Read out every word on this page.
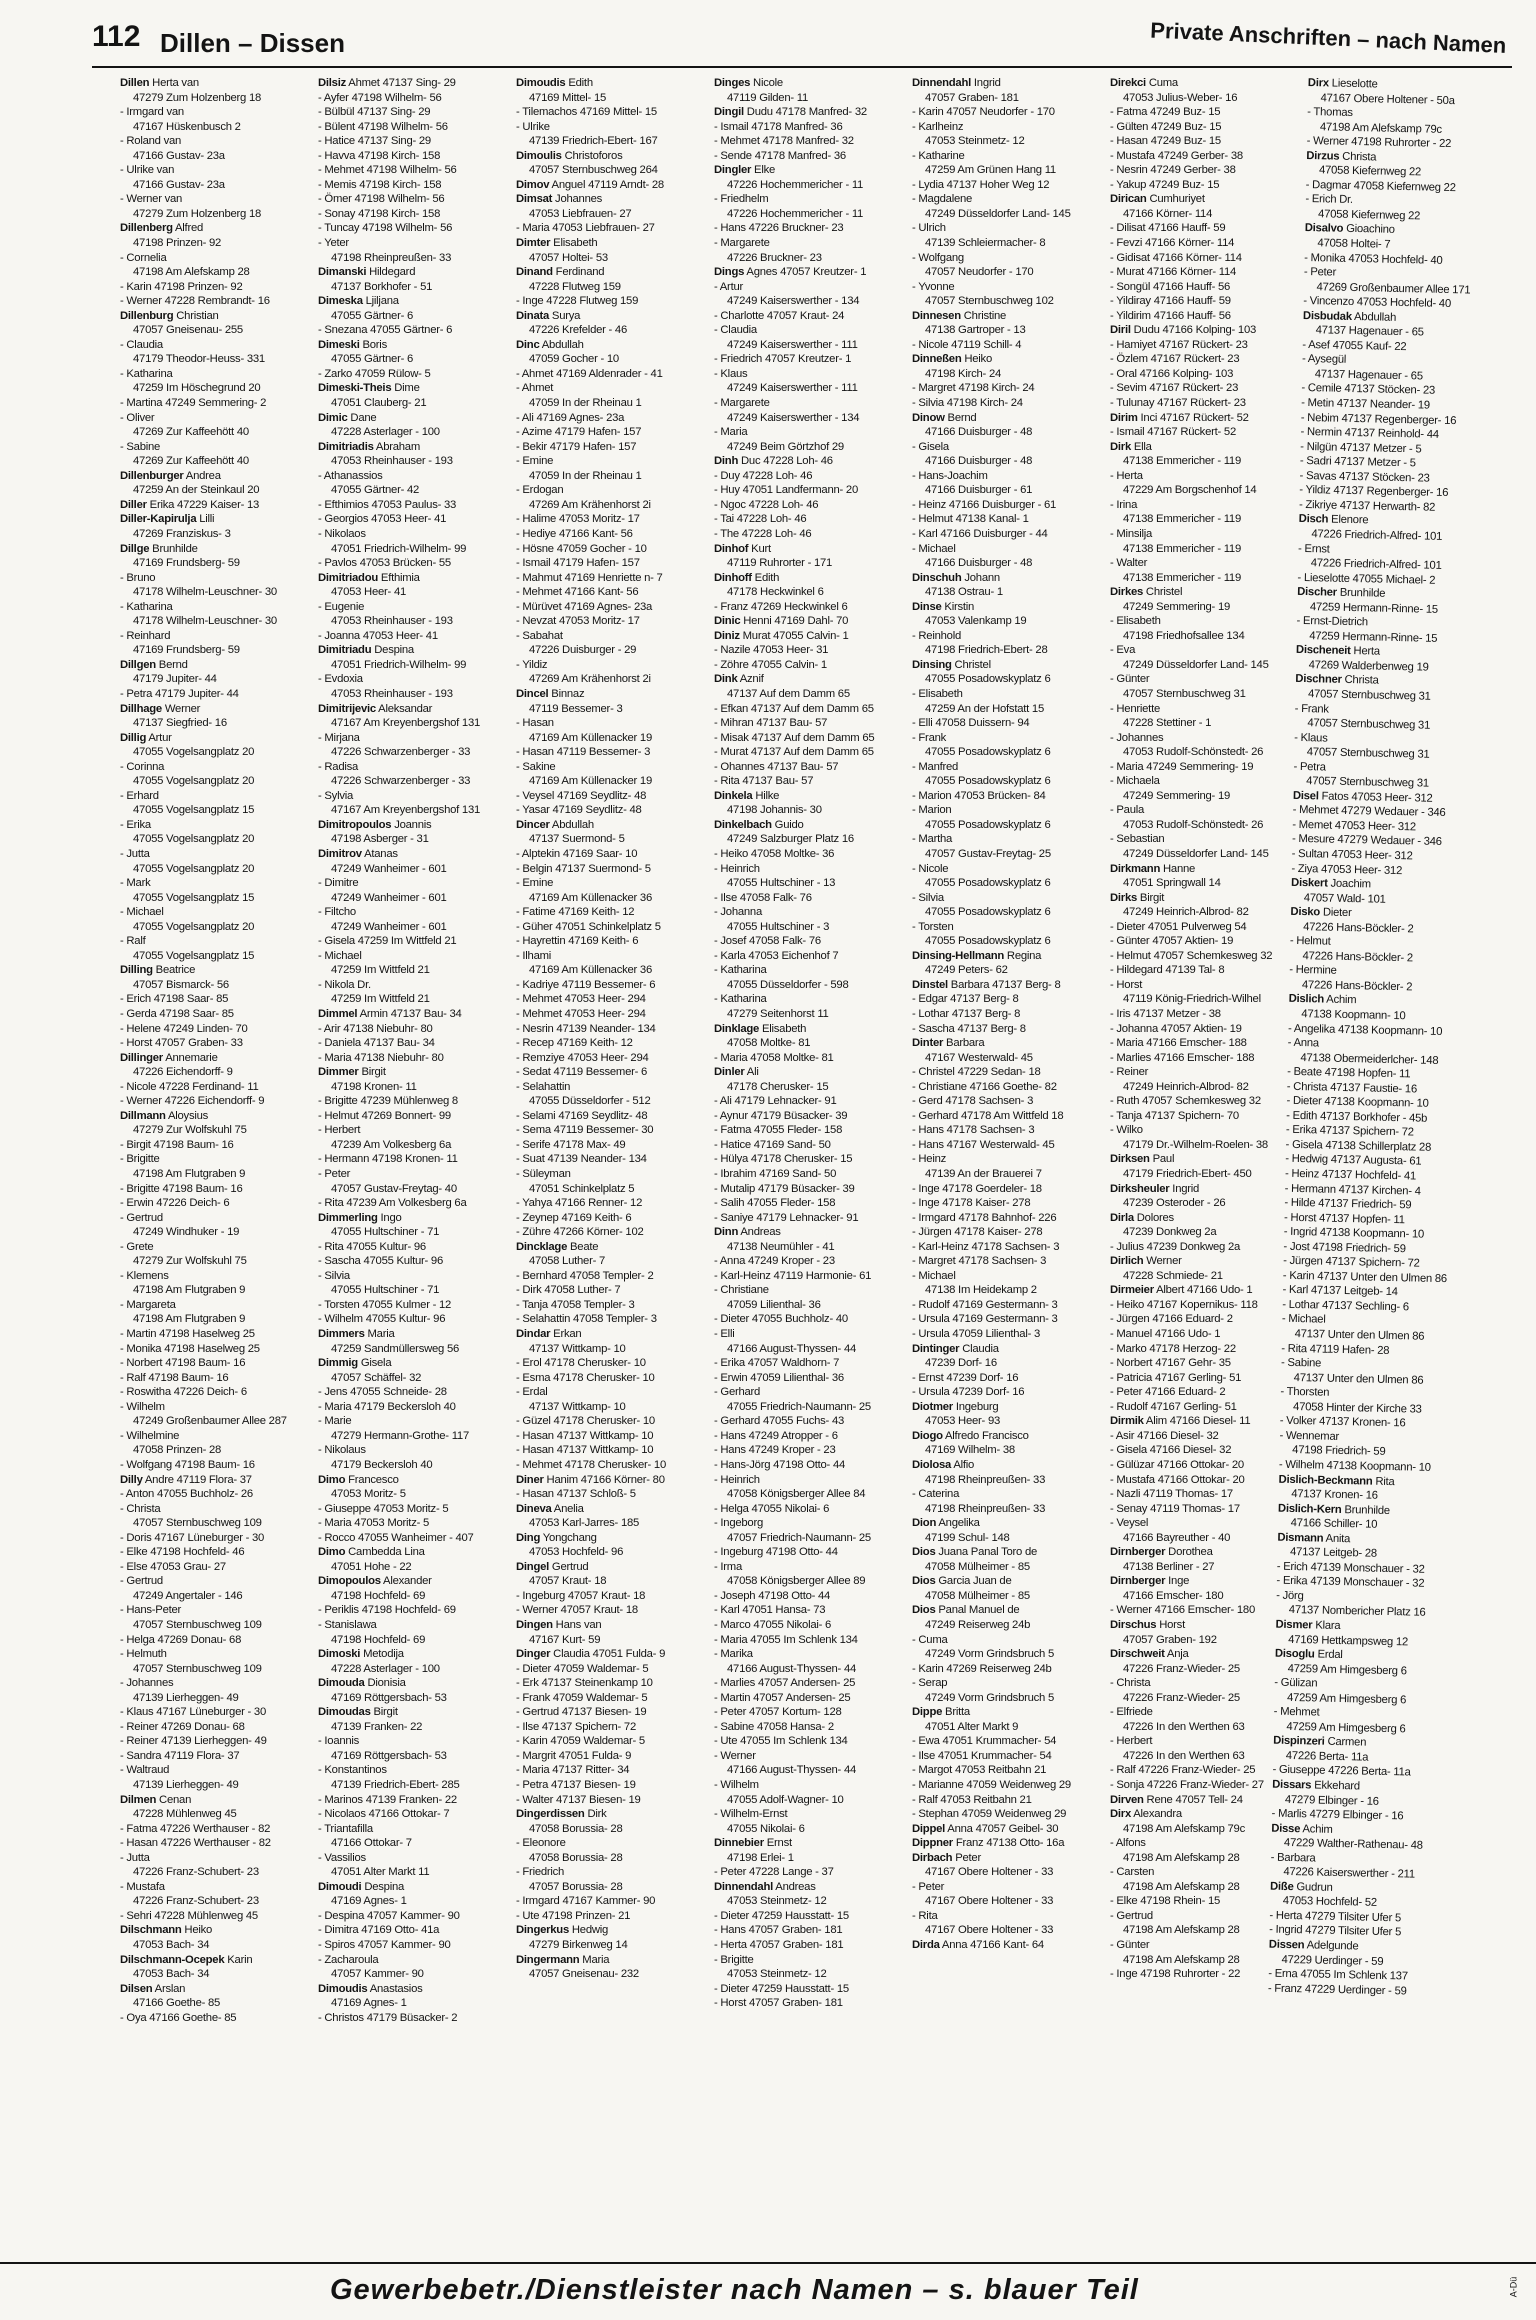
112 Dillen – Dissen	Private Anschriften – nach Namen
Dillen Herta van
47279 Zum Holzenberg 18
- Irmgard van
47167 Hüskenbusch 2
- Roland van
47166 Gustav- 23a
- Ulrike van
47166 Gustav- 23a
- Werner van
47279 Zum Holzenberg 18
Dillenberg Alfred
47198 Prinzen- 92
- Cornelia
47198 Am Alefskamp 28
- Karin 47198 Prinzen- 92
- Werner 47228 Rembrandt- 16
Dillenburg Christian
47057 Gneisenau- 255
- Claudia
47179 Theodor-Heuss- 331
- Katharina
47259 Im Höschegrund 20
- Martina 47249 Semmering- 2
- Oliver
47269 Zur Kaffeehött 40
- Sabine
47269 Zur Kaffeehött 40
Dillenburger Andrea
47259 An der Steinkaul 20
Diller Erika 47229 Kaiser- 13
Diller-Kapirulja Lilli
47269 Franziskus- 3
Dillge Brunhilde
47169 Frundsberg- 59
- Bruno
47178 Wilhelm-Leuschner- 30
- Katharina
47178 Wilhelm-Leuschner- 30
- Reinhard
47169 Frundsberg- 59
Dillgen Bernd
47179 Jupiter- 44
- Petra 47179 Jupiter- 44
Dillhage Werner
47137 Siegfried- 16
Dillig Artur
47055 Vogelsangplatz 20
- Corinna
47055 Vogelsangplatz 20
- Erhard
47055 Vogelsangplatz 15
- Erika
47055 Vogelsangplatz 20
- Jutta
47055 Vogelsangplatz 20
- Mark
47055 Vogelsangplatz 15
- Michael
47055 Vogelsangplatz 20
- Ralf
47055 Vogelsangplatz 15
Dilling Beatrice
47057 Bismarck- 56
- Erich 47198 Saar- 85
- Gerda 47198 Saar- 85
- Helene 47249 Linden- 70
- Horst 47057 Graben- 33
Dillinger Annemarie
47226 Eichendorff- 9
- Nicole 47228 Ferdinand- 11
- Werner 47226 Eichendorff- 9
Dillmann Aloysius
47279 Zur Wolfskuhl 75
- Birgit 47198 Baum- 16
- Brigitte
47198 Am Flutgraben 9
- Brigitte 47198 Baum- 16
- Erwin 47226 Deich- 6
- Gertrud
47249 Windhuker - 19
- Grete
47279 Zur Wolfskuhl 75
- Klemens
47198 Am Flutgraben 9
- Margareta
47198 Am Flutgraben 9
- Martin 47198 Haselweg 25
- Monika 47198 Haselweg 25
- Norbert 47198 Baum- 16
- Ralf 47198 Baum- 16
- Roswitha 47226 Deich- 6
- Wilhelm
47249 Großenbaumer Allee 287
- Wilhelmine
47058 Prinzen- 28
- Wolfgang 47198 Baum- 16
Dilly Andre 47119 Flora- 37
- Anton 47055 Buchholz- 26
- Christa
47057 Sternbuschweg 109
- Doris 47167 Lüneburger - 30
- Elke 47198 Hochfeld- 46
- Else 47053 Grau- 27
- Gertrud
47249 Angertaler - 146
- Hans-Peter
47057 Sternbuschweg 109
- Helga 47269 Donau- 68
- Helmuth
47057 Sternbuschweg 109
- Johannes
47139 Lierheggen- 49
- Klaus 47167 Lüneburger - 30
- Reiner 47269 Donau- 68
- Reiner 47139 Lierheggen- 49
- Sandra 47119 Flora- 37
- Waltraud
47139 Lierheggen- 49
Dilmen Cenan
47228 Mühlenweg 45
- Fatma 47226 Werthauser - 82
- Hasan 47226 Werthauser - 82
- Jutta
47226 Franz-Schubert- 23
- Mustafa
47226 Franz-Schubert- 23
- Sehri 47228 Mühlenweg 45
Dilschmann Heiko
47053 Bach- 34
Dilschmann-Ocepek Karin
47053 Bach- 34
Dilsen Arslan
47166 Goethe- 85
- Oya 47166 Goethe- 85
Dilsiz Ahmet 47137 Sing- 29
- Ayfer 47198 Wilhelm- 56
- Bülbül 47137 Sing- 29
- Bülent 47198 Wilhelm- 56
- Hatice 47137 Sing- 29
- Havva 47198 Kirch- 158
- Mehmet 47198 Wilhelm- 56
- Memis 47198 Kirch- 158
- Ömer 47198 Wilhelm- 56
- Sonay 47198 Kirch- 158
- Tuncay 47198 Wilhelm- 56
- Yeter
47198 Rheinpreußen- 33
Dimanski Hildegard
47137 Borkhofer - 51
Dimeska Ljiljana
47055 Gärtner- 6
- Snezana 47055 Gärtner- 6
Dimeski Boris
47055 Gärtner- 6
- Zarko 47059 Rülow- 5
Dimeski-Theis Dime
47051 Clauberg- 21
Dimic Dane
47228 Asterlager - 100
Dimitriadis Abraham
47053 Rheinhauser - 193
- Athanassios
47055 Gärtner- 42
- Efthimios 47053 Paulus- 33
- Georgios 47053 Heer- 41
- Nikolaos
47051 Friedrich-Wilhelm- 99
- Pavlos 47053 Brücken- 55
Dimitriadou Efthimia
47053 Heer- 41
- Eugenie
47053 Rheinhauser - 193
- Joanna 47053 Heer- 41
Dimitriadu Despina
47051 Friedrich-Wilhelm- 99
- Evdoxia
47053 Rheinhauser - 193
Dimitrijevic Aleksandar
47167 Am Kreyenbergshof 131
- Mirjana
47226 Schwarzenberger - 33
- Radisa
47226 Schwarzenberger - 33
- Sylvia
47167 Am Kreyenbergshof 131
Dimitropoulos Joannis
47198 Asberger - 31
Dimitrov Atanas
47249 Wanheimer - 601
- Dimitre
47249 Wanheimer - 601
- Filtcho
47249 Wanheimer - 601
- Gisela 47259 Im Wittfeld 21
- Michael
47259 Im Wittfeld 21
- Nikola Dr.
47259 Im Wittfeld 21
Dimmel Armin 47137 Bau- 34
- Arir 47138 Niebuhr- 80
- Daniela 47137 Bau- 34
- Maria 47138 Niebuhr- 80
Dimmer Birgit
47198 Kronen- 11
- Brigitte 47239 Mühlenweg 8
- Helmut 47269 Bonnert- 99
- Herbert
47239 Am Volkesberg 6a
- Hermann 47198 Kronen- 11
- Peter
47057 Gustav-Freytag- 40
- Rita 47239 Am Volkesberg 6a
Dimmerling Ingo
47055 Hultschiner - 71
- Rita 47055 Kultur- 96
- Sascha 47055 Kultur- 96
- Silvia
47055 Hultschiner - 71
- Torsten 47055 Kulmer - 12
- Wilhelm 47055 Kultur- 96
Dimmers Maria
47259 Sandmüllersweg 56
Dimmig Gisela
47057 Schäffel- 32
- Jens 47055 Schneide- 28
- Maria 47179 Beckersloh 40
- Marie
47279 Hermann-Grothe- 117
- Nikolaus
47179 Beckersloh 40
Dimo Francesco
47053 Moritz- 5
- Giuseppe 47053 Moritz- 5
- Maria 47053 Moritz- 5
- Rocco 47055 Wanheimer - 407
Dimo Cambedda Lina
47051 Hohe - 22
Dimopoulos Alexander
47198 Hochfeld- 69
- Periklis 47198 Hochfeld- 69
- Stanislawa
47198 Hochfeld- 69
Dimoski Metodija
47228 Asterlager - 100
Dimouda Dionisia
47169 Röttgersbach- 53
Dimoudas Birgit
47139 Franken- 22
- Ioannis
47169 Röttgersbach- 53
- Konstantinos
47139 Friedrich-Ebert- 285
- Marinos 47139 Franken- 22
- Nicolaos 47166 Ottokar- 7
- Triantafilla
47166 Ottokar- 7
- Vassilios
47051 Alter Markt 11
Dimoudi Despina
47169 Agnes- 1
- Despina 47057 Kammer- 90
- Dimitra 47169 Otto- 41a
- Spiros 47057 Kammer- 90
- Zacharoula
47057 Kammer- 90
Dimoudis Anastasios
47169 Agnes- 1
- Christos 47179 Büsacker- 2
Dimoudis Edith
47169 Mittel- 15
- Tilemachos 47169 Mittel- 15
- Ulrike
47139 Friedrich-Ebert- 167
Dimoulis Christoforos
47057 Sternbuschweg 264
Dimov Anguel 47119 Arndt- 28
Dimsat Johannes
47053 Liebfrauen- 27
- Maria 47053 Liebfrauen- 27
Dimter Elisabeth
47057 Holtei- 53
Dinand Ferdinand
47228 Flutweg 159
- Inge 47228 Flutweg 159
Dinata Surya
47226 Krefelder - 46
Dinc Abdullah
47059 Gocher - 10
- Ahmet 47169 Aldenrader - 41
- Ahmet
47059 In der Rheinau 1
- Ali 47169 Agnes- 23a
- Azime 47179 Hafen- 157
- Bekir 47179 Hafen- 157
- Emine
47059 In der Rheinau 1
- Erdogan
47269 Am Krähenhorst 2i
- Halime 47053 Moritz- 17
- Hediye 47166 Kant- 56
- Hösne 47059 Gocher - 10
- Ismail 47179 Hafen- 157
- Mahmut 47169 Henriette n- 7
- Mehmet 47166 Kant- 56
- Mürüvet 47169 Agnes- 23a
- Nevzat 47053 Moritz- 17
- Sabahat
47226 Duisburger - 29
- Yildiz
47269 Am Krähenhorst 2i
Dincel Binnaz
47119 Bessemer- 3
- Hasan
47169 Am Küllenacker 19
- Hasan 47119 Bessemer- 3
- Sakine
47169 Am Küllenacker 19
- Veysel 47169 Seydlitz- 48
- Yasar 47169 Seydlitz- 48
Dincer Abdullah
47137 Suermond- 5
- Alptekin 47169 Saar- 10
- Belgin 47137 Suermond- 5
- Emine
47169 Am Küllenacker 36
- Fatime 47169 Keith- 12
- Güher 47051 Schinkelplatz 5
- Hayrettin 47169 Keith- 6
- Ilhami
47169 Am Küllenacker 36
- Kadriye 47119 Bessemer- 6
- Mehmet 47053 Heer- 294
- Mehmet 47053 Heer- 294
- Nesrin 47139 Neander- 134
- Recep 47169 Keith- 12
- Remziye 47053 Heer- 294
- Sedat 47119 Bessemer- 6
- Selahattin
47055 Düsseldorfer - 512
- Selami 47169 Seydlitz- 48
- Sema 47119 Bessemer- 30
- Serife 47178 Max- 49
- Suat 47139 Neander- 134
- Süleyman
47051 Schinkelplatz 5
- Yahya 47166 Renner- 12
- Zeynep 47169 Keith- 6
- Zühre 47266 Körner- 102
Dincklage Beate
47058 Luther- 7
- Bernhard 47058 Templer- 2
- Dirk 47058 Luther- 7
- Tanja 47058 Templer- 3
- Selahattin 47058 Templer- 3
Dindar Erkan
47137 Wittkamp- 10
- Erol 47178 Cherusker- 10
- Esma 47178 Cherusker- 10
- Erdal
47137 Wittkamp- 10
- Güzel 47178 Cherusker- 10
- Hasan 47137 Wittkamp- 10
- Hasan 47137 Wittkamp- 10
- Mehmet 47178 Cherusker- 10
Diner Hanim 47166 Körner- 80
- Hasan 47137 Schloß- 5
Dineva Anelia
47053 Karl-Jarres- 185
Ding Yongchang
47053 Hochfeld- 96
Dingel Gertrud
47057 Kraut- 18
- Ingeburg 47057 Kraut- 18
- Werner 47057 Kraut- 18
Dingen Hans van
47167 Kurt- 59
Dinger Claudia 47051 Fulda- 9
- Dieter 47059 Waldemar- 5
- Erk 47137 Steinenkamp 10
- Frank 47059 Waldemar- 5
- Gertrud 47137 Biesen- 19
- Ilse 47137 Spichern- 72
- Karin 47059 Waldemar- 5
- Margrit 47051 Fulda- 9
- Maria 47137 Ritter- 34
- Petra 47137 Biesen- 19
- Walter 47137 Biesen- 19
Dingerdissen Dirk
47058 Borussia- 28
- Eleonore
47058 Borussia- 28
- Friedrich
47057 Borussia- 28
- Irmgard 47167 Kammer- 90
- Ute 47198 Prinzen- 21
Dingerkus Hedwig
47279 Birkenweg 14
Dingermann Maria
47057 Gneisenau- 232
Dinges Nicole
47119 Gilden- 11
Dingil Dudu 47178 Manfred- 32
- Ismail 47178 Manfred- 36
- Mehmet 47178 Manfred- 32
- Sende 47178 Manfred- 36
Dingler Elke
47226 Hochemmericher - 11
- Friedhelm
47226 Hochemmericher - 11
- Hans 47226 Bruckner- 23
- Margarete
47226 Bruckner- 23
Dings Agnes 47057 Kreutzer- 1
- Artur
47249 Kaiserswerther - 134
- Charlotte 47057 Kraut- 24
- Claudia
47249 Kaiserswerther - 111
- Friedrich 47057 Kreutzer- 1
- Klaus
47249 Kaiserswerther - 111
- Margarete
47249 Kaiserswerther - 134
- Maria
47249 Beim Görtzhof 29
Dinh Duc 47228 Loh- 46
- Duy 47228 Loh- 46
- Huy 47051 Landfermann- 20
- Ngoc 47228 Loh- 46
- Tai 47228 Loh- 46
- The 47228 Loh- 46
Dinhof Kurt
47119 Ruhrorter - 171
Dinhoff Edith
47178 Heckwinkel 6
- Franz 47269 Heckwinkel 6
Dinic Henni 47169 Dahl- 70
Diniz Murat 47055 Calvin- 1
- Nazile 47053 Heer- 31
- Zöhre 47055 Calvin- 1
Dink Aznif
47137 Auf dem Damm 65
- Efkan 47137 Auf dem Damm 65
- Mihran 47137 Bau- 57
- Misak 47137 Auf dem Damm 65
- Murat 47137 Auf dem Damm 65
- Ohannes 47137 Bau- 57
- Rita 47137 Bau- 57
Dinkela Hilke
47198 Johannis- 30
Dinkelbach Guido
47249 Salzburger Platz 16
- Heiko 47058 Moltke- 36
- Heinrich
47055 Hultschiner - 13
- Ilse 47058 Falk- 76
- Johanna
47055 Hultschiner - 3
- Josef 47058 Falk- 76
- Karla 47053 Eichenhof 7
- Katharina
47055 Düsseldorfer - 598
- Katharina
47279 Seitenhorst 11
Dinklage Elisabeth
47058 Moltke- 81
- Maria 47058 Moltke- 81
Dinler Ali
47178 Cherusker- 15
- Ali 47179 Lehnacker- 91
- Aynur 47179 Büsacker- 39
- Fatma 47055 Fleder- 158
- Hatice 47169 Sand- 50
- Hülya 47178 Cherusker- 15
- Ibrahim 47169 Sand- 50
- Mutalip 47179 Büsacker- 39
- Salih 47055 Fleder- 158
- Saniye 47179 Lehnacker- 91
Dinn Andreas
47138 Neumühler - 41
- Anna 47249 Kroper - 23
- Karl-Heinz 47119 Harmonie- 61
- Christiane
47059 Lilienthal- 36
- Dieter 47055 Buchholz- 40
- Elli
47166 August-Thyssen- 44
- Erika 47057 Waldhorn- 7
- Erwin 47059 Lilienthal- 36
- Gerhard
47055 Friedrich-Naumann- 25
- Gerhard 47055 Fuchs- 43
- Hans 47249 Atropper - 6
- Hans 47249 Kroper - 23
- Hans-Jörg 47198 Otto- 44
- Heinrich
47058 Königsberger Allee 84
- Helga 47055 Nikolai- 6
- Ingeborg
47057 Friedrich-Naumann- 25
- Ingeburg 47198 Otto- 44
- Irma
47058 Königsberger Allee 89
- Joseph 47198 Otto- 44
- Karl 47051 Hansa- 73
- Marco 47055 Nikolai- 6
- Maria 47055 Im Schlenk 134
- Marika
47166 August-Thyssen- 44
- Marlies 47057 Andersen- 25
- Martin 47057 Andersen- 25
- Peter 47057 Kortum- 128
- Sabine 47058 Hansa- 2
- Ute 47055 Im Schlenk 134
- Werner
47166 August-Thyssen- 44
- Wilhelm
47055 Adolf-Wagner- 10
- Wilhelm-Ernst
47055 Nikolai- 6
Dinnebier Ernst
47198 Erlei- 1
- Peter 47228 Lange - 37
Dinnendahl Andreas
47053 Steinmetz- 12
- Dieter 47259 Hausstatt- 15
- Hans 47057 Graben- 181
- Herta 47057 Graben- 181
- Brigitte
47053 Steinmetz- 12
- Dieter 47259 Hausstatt- 15
- Horst 47057 Graben- 181
Dinnendahl Ingrid
47057 Graben- 181
- Karin 47057 Neudorfer - 170
- Karlheinz
47053 Steinmetz- 12
- Katharine
47259 Am Grünen Hang 11
- Lydia 47137 Hoher Weg 12
- Magdalene
47249 Düsseldorfer Land- 145
- Ulrich
47139 Schleiermacher- 8
- Wolfgang
47057 Neudorfer - 170
- Yvonne
47057 Sternbuschweg 102
Dinnesen Christine
47138 Gartroper - 13
- Nicole 47119 Schill- 4
Dinneßen Heiko
47198 Kirch- 24
- Margret 47198 Kirch- 24
- Silvia 47198 Kirch- 24
Dinow Bernd
47166 Duisburger - 48
- Gisela
47166 Duisburger - 48
- Hans-Joachim
47166 Duisburger - 61
- Heinz 47166 Duisburger - 61
- Helmut 47138 Kanal- 1
- Karl 47166 Duisburger - 44
- Michael
47166 Duisburger - 48
Dinschuh Johann
47138 Ostrau- 1
Dinse Kirstin
47053 Valenkamp 19
- Reinhold
47198 Friedrich-Ebert- 28
Dinsing Christel
47055 Posadowskyplatz 6
- Elisabeth
47259 An der Hofstatt 15
- Elli 47058 Duissern- 94
- Frank
47055 Posadowskyplatz 6
- Manfred
47055 Posadowskyplatz 6
- Marion 47053 Brücken- 84
- Marion
47055 Posadowskyplatz 6
- Martha
47057 Gustav-Freytag- 25
- Nicole
47055 Posadowskyplatz 6
- Silvia
47055 Posadowskyplatz 6
- Torsten
47055 Posadowskyplatz 6
Dinsing-Hellmann Regina
47249 Peters- 62
Dinstel Barbara 47137 Berg- 8
- Edgar 47137 Berg- 8
- Lothar 47137 Berg- 8
- Sascha 47137 Berg- 8
Dinter Barbara
47167 Westerwald- 45
- Christel 47229 Sedan- 18
- Christiane 47166 Goethe- 82
- Gerd 47178 Sachsen- 3
- Gerhard 47178 Am Wittfeld 18
- Hans 47178 Sachsen- 3
- Hans 47167 Westerwald- 45
- Heinz
47139 An der Brauerei 7
- Inge 47178 Goerdeler- 18
- Inge 47178 Kaiser- 278
- Irmgard 47178 Bahnhof- 226
- Jürgen 47178 Kaiser- 278
- Karl-Heinz 47178 Sachsen- 3
- Margret 47178 Sachsen- 3
- Michael
47138 Im Heidekamp 2
- Rudolf 47169 Gestermann- 3
- Ursula 47169 Gestermann- 3
- Ursula 47059 Lilienthal- 3
Dintinger Claudia
47239 Dorf- 16
- Ernst 47239 Dorf- 16
- Ursula 47239 Dorf- 16
Diotmer Ingeburg
47053 Heer- 93
Diogo Alfredo Francisco
47169 Wilhelm- 38
Diolosa Alfio
47198 Rheinpreußen- 33
- Caterina
47198 Rheinpreußen- 33
Dion Angelika
47199 Schul- 148
Dios Juana Panal Toro de
47058 Mülheimer - 85
Dios Garcia Juan de
47058 Mülheimer - 85
Dios Panal Manuel de
47249 Reiserweg 24b
- Cuma
47249 Vorm Grindsbruch 5
- Karin 47269 Reiserweg 24b
- Serap
47249 Vorm Grindsbruch 5
Dippe Britta
47051 Alter Markt 9
- Ewa 47051 Krummacher- 54
- Ilse 47051 Krummacher- 54
- Margot 47053 Reitbahn 21
- Marianne 47059 Weidenweg 29
- Ralf 47053 Reitbahn 21
- Stephan 47059 Weidenweg 29
Dippel Anna 47057 Geibel- 30
Dippner Franz 47138 Otto- 16a
Dirbach Peter
47167 Obere Holtener - 33
- Peter
47167 Obere Holtener - 33
- Rita
47167 Obere Holtener - 33
Dirda Anna 47166 Kant- 64
Direkci Cuma
47053 Julius-Weber- 16
- Fatma 47249 Buz- 15
- Gülten 47249 Buz- 15
- Hasan 47249 Buz- 15
- Mustafa 47249 Gerber- 38
- Nesrin 47249 Gerber- 38
- Yakup 47249 Buz- 15
Dirican Cumhuriyet
47166 Körner- 114
- Dilisat 47166 Hauff- 59
- Fevzi 47166 Körner- 114
- Gidisat 47166 Körner- 114
- Murat 47166 Körner- 114
- Songül 47166 Hauff- 56
- Yildiray 47166 Hauff- 59
- Yildirim 47166 Hauff- 56
Diril Dudu 47166 Kolping- 103
- Hamiyet 47167 Rückert- 23
- Özlem 47167 Rückert- 23
- Oral 47166 Kolping- 103
- Sevim 47167 Rückert- 23
- Tulunay 47167 Rückert- 23
Dirim Inci 47167 Rückert- 52
- Ismail 47167 Rückert- 52
Dirk Ella
47138 Emmericher - 119
- Herta
47229 Am Borgschenhof 14
- Irina
47138 Emmericher - 119
- Minsilja
47138 Emmericher - 119
- Walter
47138 Emmericher - 119
Dirkes Christel
47249 Semmering- 19
- Elisabeth
47198 Friedhofsallee 134
- Eva
47249 Düsseldorfer Land- 145
- Günter
47057 Sternbuschweg 31
- Henriette
47228 Stettiner - 1
- Johannes
47053 Rudolf-Schönstedt- 26
- Maria 47249 Semmering- 19
- Michaela
47249 Semmering- 19
- Paula
47053 Rudolf-Schönstedt- 26
- Sebastian
47249 Düsseldorfer Land- 145
Dirkmann Hanne
47051 Springwall 14
Dirks Birgit
47249 Heinrich-Albrod- 82
- Dieter 47051 Pulverweg 54
- Günter 47057 Aktien- 19
- Helmut 47057 Schemkesweg 32
- Hildegard 47139 Tal- 8
- Horst
47119 König-Friedrich-Wilhel
- Iris 47137 Metzer - 38
- Johanna 47057 Aktien- 19
- Maria 47166 Emscher- 188
- Marlies 47166 Emscher- 188
- Reiner
47249 Heinrich-Albrod- 82
- Ruth 47057 Schemkesweg 32
- Tanja 47137 Spichern- 70
- Wilko
47179 Dr.-Wilhelm-Roelen- 38
Dirksen Paul
47179 Friedrich-Ebert- 450
Dirksheuler Ingrid
47239 Osteroder - 26
Dirla Dolores
47239 Donkweg 2a
- Julius 47239 Donkweg 2a
Dirlich Werner
47228 Schmiede- 21
Dirmeier Albert 47166 Udo- 1
- Heiko 47167 Kopernikus- 118
- Jürgen 47166 Eduard- 2
- Manuel 47166 Udo- 1
- Marko 47178 Herzog- 22
- Norbert 47167 Gehr- 35
- Patricia 47167 Gerling- 51
- Peter 47166 Eduard- 2
- Rudolf 47167 Gerling- 51
Dirmik Alim 47166 Diesel- 11
- Asir 47166 Diesel- 32
- Gisela 47166 Diesel- 32
- Gülüzar 47166 Ottokar- 20
- Mustafa 47166 Ottokar- 20
- Nazli 47119 Thomas- 17
- Senay 47119 Thomas- 17
- Veysel
47166 Bayreuther - 40
Dirnberger Dorothea
47138 Berliner - 27
Dirnberger Inge
47166 Emscher- 180
- Werner 47166 Emscher- 180
Dirschus Horst
47057 Graben- 192
Dirschweit Anja
47226 Franz-Wieder- 25
- Christa
47226 Franz-Wieder- 25
- Elfriede
47226 In den Werthen 63
- Herbert
47226 In den Werthen 63
- Ralf 47226 Franz-Wieder- 25
- Sonja 47226 Franz-Wieder- 27
Dirven Rene 47057 Tell- 24
Dirx Alexandra
47198 Am Alefskamp 79c
- Alfons
47198 Am Alefskamp 28
- Carsten
47198 Am Alefskamp 28
- Elke 47198 Rhein- 15
- Gertrud
47198 Am Alefskamp 28
- Günter
47198 Am Alefskamp 28
- Inge 47198 Ruhrorter - 22
Dirx Lieselotte
47167 Obere Holtener - 50a
- Thomas
47198 Am Alefskamp 79c
- Werner 47198 Ruhrorter - 22
Dirzus Christa
47058 Kiefernweg 22
- Dagmar 47058 Kiefernweg 22
- Erich Dr.
47058 Kiefernweg 22
Disalvo Gioachino
47058 Holtei- 7
- Monika 47053 Hochfeld- 40
- Peter
47269 Großenbaumer Allee 171
- Vincenzo 47053 Hochfeld- 40
Disbudak Abdullah
47137 Hagenauer - 65
- Asef 47055 Kauf- 22
- Aysegül
47137 Hagenauer - 65
- Cemile 47137 Stöcken- 23
- Metin 47137 Neander- 19
- Nebim 47137 Regenberger- 16
- Nermin 47137 Reinhold- 44
- Nilgün 47137 Metzer - 5
- Sadri 47137 Metzer - 5
- Savas 47137 Stöcken- 23
- Yildiz 47137 Regenberger- 16
- Zikriye 47137 Herwarth- 82
Disch Elenore
47226 Friedrich-Alfred- 101
- Ernst
47226 Friedrich-Alfred- 101
- Lieselotte 47055 Michael- 2
Discher Brunhilde
47259 Hermann-Rinne- 15
- Ernst-Dietrich
47259 Hermann-Rinne- 15
Discheneit Herta
47269 Walderbenweg 19
Dischner Christa
47057 Sternbuschweg 31
- Frank
47057 Sternbuschweg 31
- Klaus
47057 Sternbuschweg 31
- Petra
47057 Sternbuschweg 31
Disel Fatos 47053 Heer- 312
- Mehmet 47279 Wedauer - 346
- Memet 47053 Heer- 312
- Mesure 47279 Wedauer - 346
- Sultan 47053 Heer- 312
- Ziya 47053 Heer- 312
Diskert Joachim
47057 Wald- 101
Disko Dieter
47226 Hans-Böckler- 2
- Helmut
47226 Hans-Böckler- 2
- Hermine
47226 Hans-Böckler- 2
Dislich Achim
47138 Koopmann- 10
- Angelika 47138 Koopmann- 10
- Anna
47138 Obermeiderlcher- 148
- Beate 47198 Hopfen- 11
- Christa 47137 Faustie- 16
- Dieter 47138 Koopmann- 10
- Edith 47137 Borkhofer - 45b
- Erika 47137 Spichern- 72
- Gisela 47138 Schillerplatz 28
- Hedwig 47137 Augusta- 61
- Heinz 47137 Hochfeld- 41
- Hermann 47137 Kirchen- 4
- Hilde 47137 Friedrich- 59
- Horst 47137 Hopfen- 11
- Ingrid 47138 Koopmann- 10
- Jost 47198 Friedrich- 59
- Jürgen 47137 Spichern- 72
- Karin 47137 Unter den Ulmen 86
- Karl 47137 Leitgeb- 14
- Lothar 47137 Sechling- 6
- Michael
47137 Unter den Ulmen 86
- Rita 47119 Hafen- 28
- Sabine
47137 Unter den Ulmen 86
- Thorsten
47058 Hinter der Kirche 33
- Volker 47137 Kronen- 16
- Wennemar
47198 Friedrich- 59
- Wilhelm 47138 Koopmann- 10
Dislich-Beckmann Rita
47137 Kronen- 16
Dislich-Kern Brunhilde
47166 Schiller- 10
Dismann Anita
47137 Leitgeb- 28
- Erich 47139 Monschauer - 32
- Erika 47139 Monschauer - 32
- Jörg
47137 Nombericher Platz 16
Dismer Klara
47169 Hettkampsweg 12
Disoglu Erdal
47259 Am Himgesberg 6
- Gülizan
47259 Am Himgesberg 6
- Mehmet
47259 Am Himgesberg 6
Dispinzeri Carmen
47226 Berta- 11a
- Giuseppe 47226 Berta- 11a
Dissars Ekkehard
47279 Elbinger - 16
- Marlis 47279 Elbinger - 16
Disse Achim
47229 Walther-Rathenau- 48
- Barbara
47226 Kaiserswerther - 211
Diße Gudrun
47053 Hochfeld- 52
- Herta 47279 Tilsiter Ufer 5
- Ingrid 47279 Tilsiter Ufer 5
Dissen Adelgunde
47229 Uerdinger - 59
- Erna 47055 Im Schlenk 137
- Franz 47229 Uerdinger - 59
Gewerbebetr./Dienstleister nach Namen – s. blauer Teil	A-Dü
